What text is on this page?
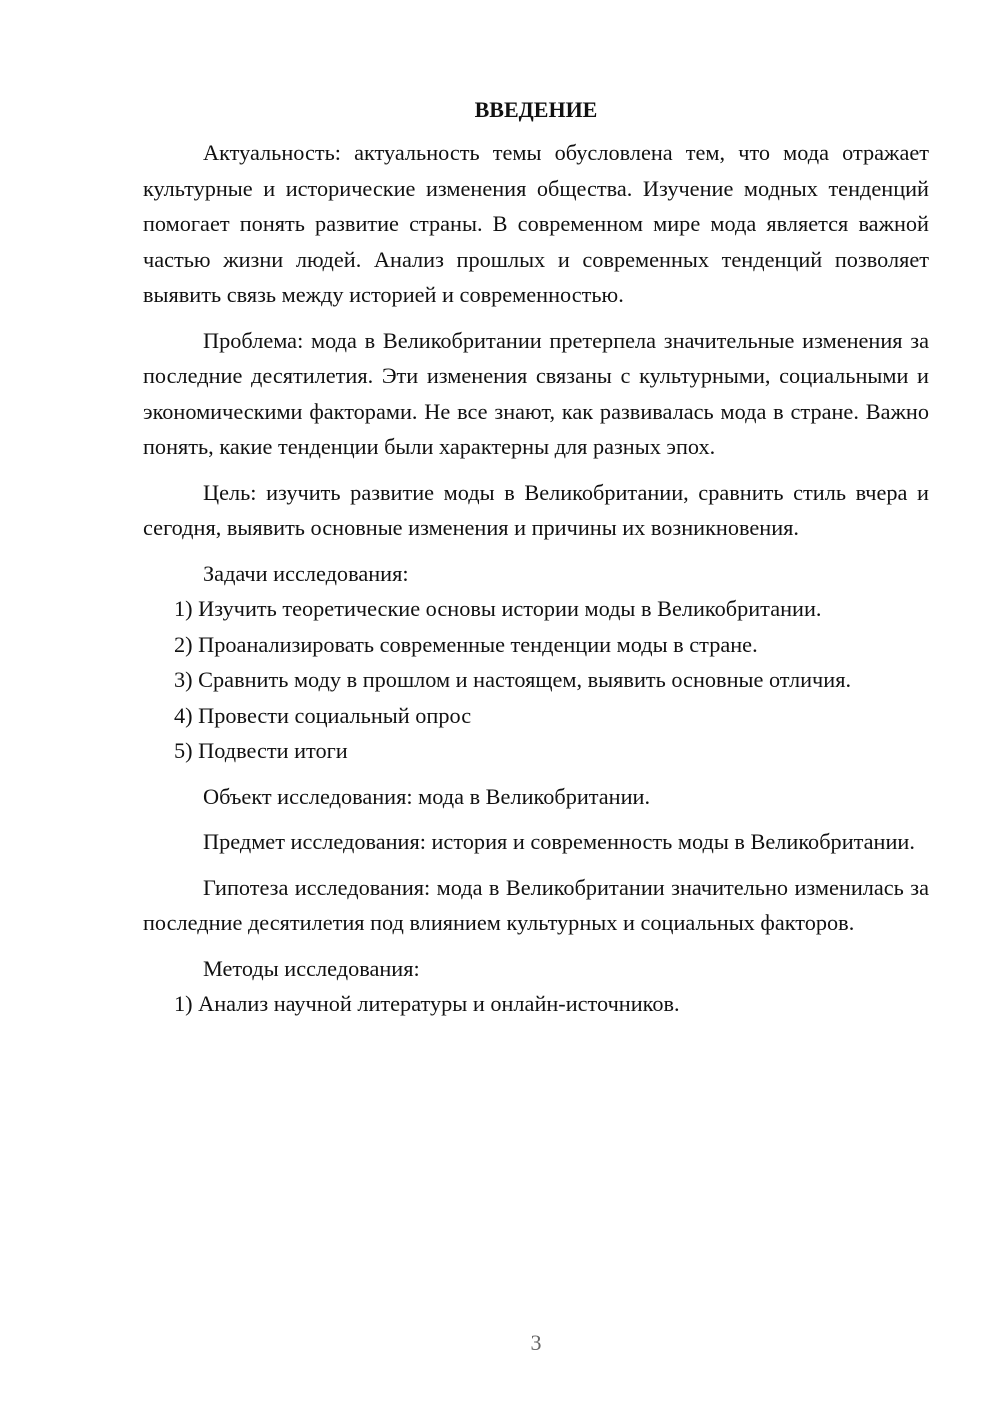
ВВЕДЕНИЕ

Актуальность: актуальность темы обусловлена тем, что мода отражает культурные и исторические изменения общества. Изучение модных тенденций помогает понять развитие страны. В современном мире мода является важной частью жизни людей. Анализ прошлых и современных тенденций позволяет выявить связь между историей и современностью.

Проблема: мода в Великобритании претерпела значительные изменения за последние десятилетия. Эти изменения связаны с культурными, социальными и экономическими факторами. Не все знают, как развивалась мода в стране. Важно понять, какие тенденции были характерны для разных эпох.

Цель: изучить развитие моды в Великобритании, сравнить стиль вчера и сегодня, выявить основные изменения и причины их возникновения.

Задачи исследования:

1) Изучить теоретические основы истории моды в Великобритании.

2) Проанализировать современные тенденции моды в стране.

3) Сравнить моду в прошлом и настоящем, выявить основные отличия.

4) Провести социальный опрос

5) Подвести итоги

Объект исследования: мода в Великобритании.

Предмет исследования: история и современность моды в Великобритании.

Гипотеза исследования: мода в Великобритании значительно изменилась за последние десятилетия под влиянием культурных и социальных факторов.

Методы исследования:

1) Анализ научной литературы и онлайн-источников.

3
